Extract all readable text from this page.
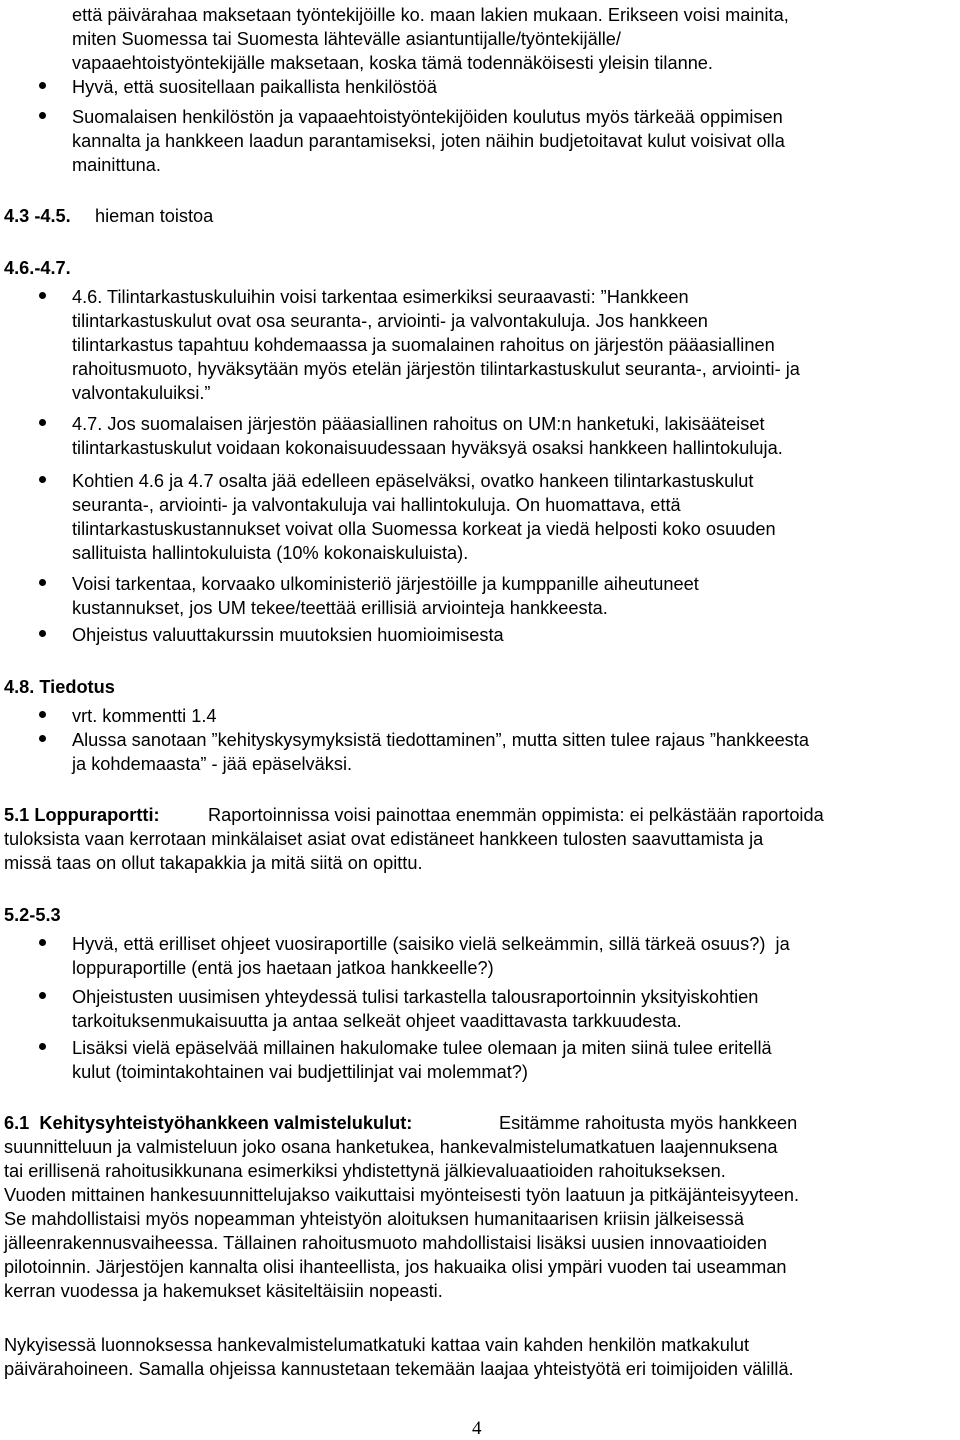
että päivärahaa maksetaan työntekijöille ko. maan lakien mukaan. Erikseen voisi mainita,
miten Suomessa tai Suomesta lähtevälle asiantuntijalle/työntekijälle/
vapaaehtoistyöntekijälle maksetaan, koska tämä todennäköisesti yleisin tilanne.
Hyvä, että suositellaan paikallista henkilöstöä
Suomalaisen henkilöstön ja vapaaehtoistyöntekijöiden koulutus myös tärkeää oppimisen
kannalta ja hankkeen laadun parantamiseksi, joten näihin budjetoitavat kulut voisivat olla
mainittuna.
4.3 -4.5. hieman toistoa
4.6.-4.7.
4.6. Tilintarkastuskuluihin voisi tarkentaa esimerkiksi seuraavasti: ”Hankkeen
tilintarkastuskulut ovat osa seuranta-, arviointi- ja valvontakuluja. Jos hankkeen
tilintarkastus tapahtuu kohdemaassa ja suomalainen rahoitus on järjestön pääasiallinen
rahoitusmuoto, hyväksytään myös etelän järjestön tilintarkastuskulut seuranta-, arviointi- ja
valvontakuluiksi.”
4.7. Jos suomalaisen järjestön pääasiallinen rahoitus on UM:n hanketuki, lakisääteiset
tilintarkastuskulut voidaan kokonaisuudessaan hyväksyä osaksi hankkeen hallintokuluja.
Kohtien 4.6 ja 4.7 osalta jää edelleen epäselväksi, ovatko hankeen tilintarkastuskulut
seuranta-, arviointi- ja valvontakuluja vai hallintokuluja. On huomattava, että
tilintarkastuskustannukset voivat olla Suomessa korkeat ja viedä helposti koko osuuden
sallituista hallintokuluista (10% kokonaiskuluista).
Voisi tarkentaa, korvaako ulkoministeriö järjestöille ja kumppanille aiheutuneet
kustannukset, jos UM tekee/teettää erillisiä arviointeja hankkeesta.
Ohjeistus valuuttakurssin muutoksien huomioimisesta
4.8. Tiedotus
vrt. kommentti 1.4
Alussa sanotaan ”kehityskysymyksistä tiedottaminen”, mutta sitten tulee rajaus ”hankkeesta
ja kohdemaasta” - jää epäselväksi.
5.1 Loppuraportti:	Raportoinnissa voisi painottaa enemmän oppimista: ei pelkästään raportoida
tuloksista vaan kerrotaan minkälaiset asiat ovat edistäneet hankkeen tulosten saavuttamista ja
missä taas on ollut takapakkia ja mitä siitä on opittu.
5.2-5.3
Hyvä, että erilliset ohjeet vuosiraportille (saisiko vielä selkeämmin, sillä tärkeä osuus?)  ja
loppuraportille (entä jos haetaan jatkoa hankkeelle?)
Ohjeistusten uusimisen yhteydessä tulisi tarkastella talousraportoinnin yksityiskohtien
tarkoituksenmukaisuutta ja antaa selkeät ohjeet vaadittavasta tarkkuudesta.
Lisäksi vielä epäselvää millainen hakulomake tulee olemaan ja miten siinä tulee eritellä
kulut (toimintakohtainen vai budjettilinjat vai molemmat?)
6.1  Kehitysyhteistyöhankkeen valmistelukulut:	Esitämme rahoitusta myös hankkeen
suunnitteluun ja valmisteluun joko osana hanketukea, hankevalmistelumatkatuen laajennuksena
tai erillisenä rahoitusikkunana esimerkiksi yhdistettynä jälkievaluaatioiden rahoitukseksen.
Vuoden mittainen hankesuunnittelujakso vaikuttaisi myönteisesti työn laatuun ja pitkäjänteisyyteen.
Se mahdollistaisi myös nopeamman yhteistyön aloituksen humanitaarisen kriisin jälkeisessä
jälleenrakennusvaiheessa. Tällainen rahoitusmuoto mahdollistaisi lisäksi uusien innovaatioiden
pilotoinnin. Järjestöjen kannalta olisi ihanteellista, jos hakuaika olisi ympäri vuoden tai useamman
kerran vuodessa ja hakemukset käsiteltäisiin nopeasti.
Nykyisessä luonnoksessa hankevalmistelumatkatuki kattaa vain kahden henkilön matkakulut
päivärahoineen. Samalla ohjeissa kannustetaan tekemään laajaa yhteistyötä eri toimijoiden välillä.
4
